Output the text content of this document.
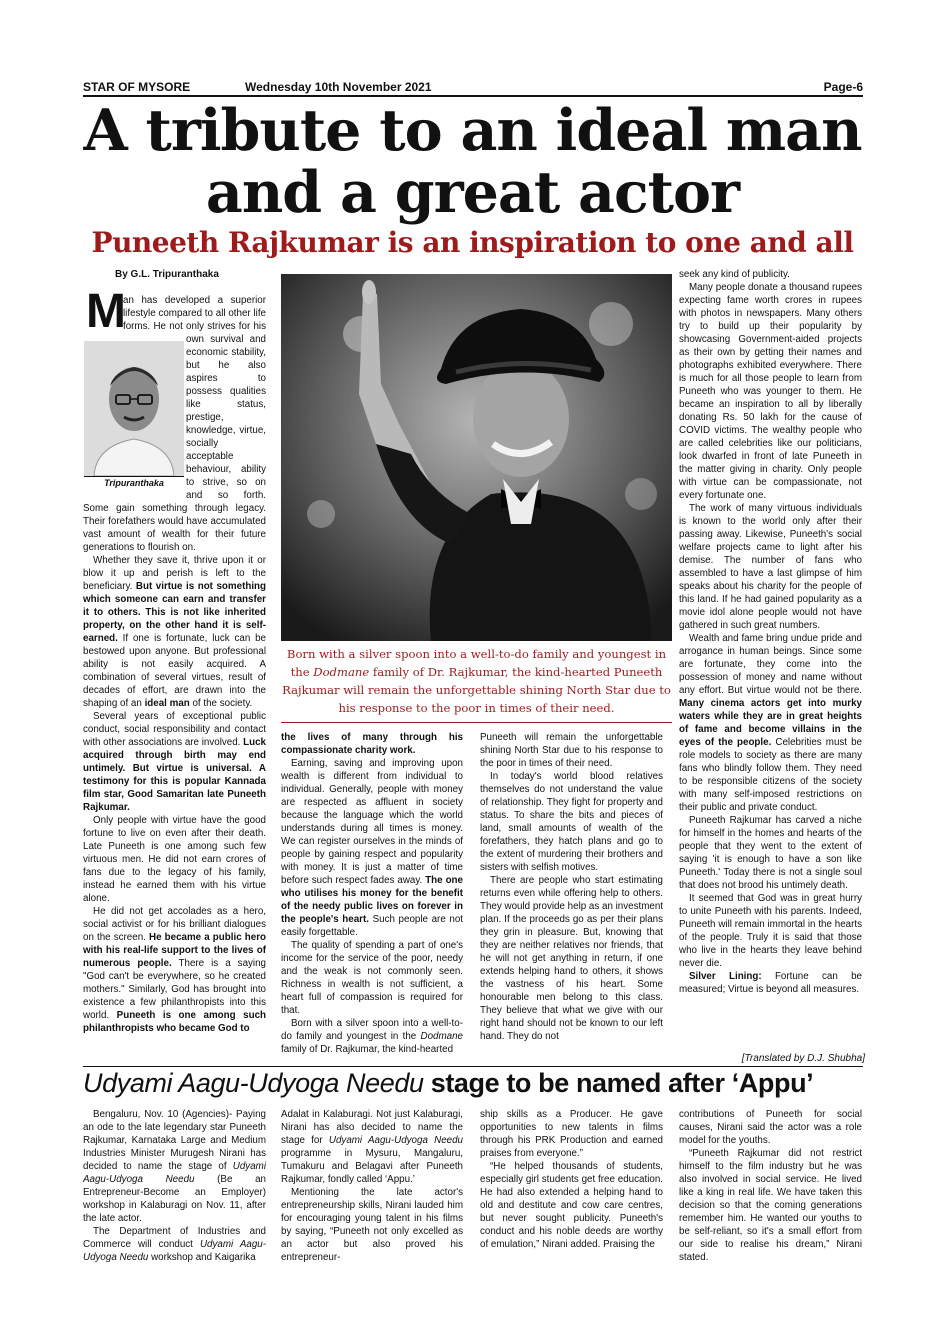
STAR OF MYSORE	Wednesday 10th November 2021	Page-6
A tribute to an ideal man
and a great actor
Puneeth Rajkumar is an inspiration to one and all
By G.L. Tripuranthaka
M
Tripuranthaka

an has developed a superior lifestyle compared to all other life forms. He not only strives for his own survival and economic stability, but he also aspires to possess qualities like status, prestige, knowledge, virtue, socially acceptable behaviour, ability to strive, so on and so forth. Some gain something through legacy. Their forefathers would have accumulated vast amount of wealth for their future generations to flourish on.

Whether they save it, thrive upon it or blow it up and perish is left to the beneficiary. But virtue is not something which someone can earn and transfer it to others. This is not like inherited property, on the other hand it is self-earned. If one is fortunate, luck can be bestowed upon anyone. But professional ability is not easily acquired. A combination of several virtues, result of decades of effort, are drawn into the shaping of an ideal man of the society.

Several years of exceptional public conduct, social responsibility and contact with other associations are involved. Luck acquired through birth may end untimely. But virtue is universal. A testimony for this is popular Kannada film star, Good Samaritan late Puneeth Rajkumar.

Only people with virtue have the good fortune to live on even after their death. Late Puneeth is one among such few virtuous men. He did not earn crores of fans due to the legacy of his family, instead he earned them with his virtue alone.

He did not get accolades as a hero, social activist or for his brilliant dialogues on the screen. He became a public hero with his real-life support to the lives of numerous people. There is a saying "God can't be everywhere, so he created mothers." Similarly, God has brought into existence a few philanthropists into this world. Puneeth is one among such philanthropists who became God to

Born with a silver spoon into a well-to-do family and youngest in the Dodmane family of Dr. Rajkumar, the kind-hearted Puneeth Rajkumar will remain the unforgettable shining North Star due to his response to the poor in times of their need.

the lives of many through his compassionate charity work.

Earning, saving and improving upon wealth is different from individual to individual. Generally, people with money are respected as affluent in society because the language which the world understands during all times is money. We can register ourselves in the minds of people by gaining respect and popularity with money. It is just a matter of time before such respect fades away. The one who utilises his money for the benefit of the needy public lives on forever in the people's heart. Such people are not easily forgettable.

The quality of spending a part of one's income for the service of the poor, needy and the weak is not commonly seen. Richness in wealth is not sufficient, a heart full of compassion is required for that.

Born with a silver spoon into a well-to-do family and youngest in the Dodmane family of Dr. Rajkumar, the kind-hearted

Puneeth will remain the unforgettable shining North Star due to his response to the poor in times of their need.

In today's world blood relatives themselves do not understand the value of relationship. They fight for property and status. To share the bits and pieces of land, small amounts of wealth of the forefathers, they hatch plans and go to the extent of murdering their brothers and sisters with selfish motives.

There are people who start estimating returns even while offering help to others. They would provide help as an investment plan. If the proceeds go as per their plans they grin in pleasure. But, knowing that they are neither relatives nor friends, that he will not get anything in return, if one extends helping hand to others, it shows the vastness of his heart. Some honourable men belong to this class. They believe that what we give with our right hand should not be known to our left hand. They do not

seek any kind of publicity.

Many people donate a thousand rupees expecting fame worth crores in rupees with photos in newspapers. Many others try to build up their popularity by showcasing Government-aided projects as their own by getting their names and photographs exhibited everywhere. There is much for all those people to learn from Puneeth who was younger to them. He became an inspiration to all by liberally donating Rs. 50 lakh for the cause of COVID victims. The wealthy people who are called celebrities like our politicians, look dwarfed in front of late Puneeth in the matter giving in charity. Only people with virtue can be compassionate, not every fortunate one.

The work of many virtuous individuals is known to the world only after their passing away. Likewise, Puneeth's social welfare projects came to light after his demise. The number of fans who assembled to have a last glimpse of him speaks about his charity for the people of this land. If he had gained popularity as a movie idol alone people would not have gathered in such great numbers.

Wealth and fame bring undue pride and arrogance in human beings. Since some are fortunate, they come into the possession of money and name without any effort. But virtue would not be there. Many cinema actors get into murky waters while they are in great heights of fame and become villains in the eyes of the people. Celebrities must be role models to society as there are many fans who blindly follow them. They need to be responsible citizens of the society with many self-imposed restrictions on their public and private conduct.

Puneeth Rajkumar has carved a niche for himself in the homes and hearts of the people that they went to the extent of saying 'it is enough to have a son like Puneeth.' Today there is not a single soul that does not brood his untimely death.

It seemed that God was in great hurry to unite Puneeth with his parents. Indeed, Puneeth will remain immortal in the hearts of the people. Truly it is said that those who live in the hearts they leave behind never die.

Silver Lining: Fortune can be measured; Virtue is beyond all measures.

[Translated by D.J. Shubha]
Udyami Aagu-Udyoga Needu stage to be named after ‘Appu’

Bengaluru, Nov. 10 (Agencies)- Paying an ode to the late legendary star Puneeth Rajkumar, Karnataka Large and Medium Industries Minister Murugesh Nirani has decided to name the stage of Udyami Aagu-Udyoga Needu (Be an Entrepreneur-Become an Employer) workshop in Kalaburagi on Nov. 11, after the late actor.

The Department of Industries and Commerce will conduct Udyami Aagu-Udyoga Needu workshop and Kaigarika

Adalat in Kalaburagi. Not just Kalaburagi, Nirani has also decided to name the stage for Udyami Aagu-Udyoga Needu programme in Mysuru, Mangaluru, Tumakuru and Belagavi after Puneeth Rajkumar, fondly called ‘Appu.’

Mentioning the late actor's entrepreneurship skills, Nirani lauded him for encouraging young talent in his films by saying, “Puneeth not only excelled as an actor but also proved his entrepreneur-

ship skills as a Producer. He gave opportunities to new talents in films through his PRK Production and earned praises from everyone.”

“He helped thousands of students, especially girl students get free education. He had also extended a helping hand to old and destitute and cow care centres, but never sought publicity. Puneeth's conduct and his noble deeds are worthy of emulation,” Nirani added. Praising the

contributions of Puneeth for social causes, Nirani said the actor was a role model for the youths.

“Puneeth Rajkumar did not restrict himself to the film industry but he was also involved in social service. He lived like a king in real life. We have taken this decision so that the coming generations remember him. He wanted our youths to be self-reliant, so it's a small effort from our side to realise his dream,” Nirani stated.
